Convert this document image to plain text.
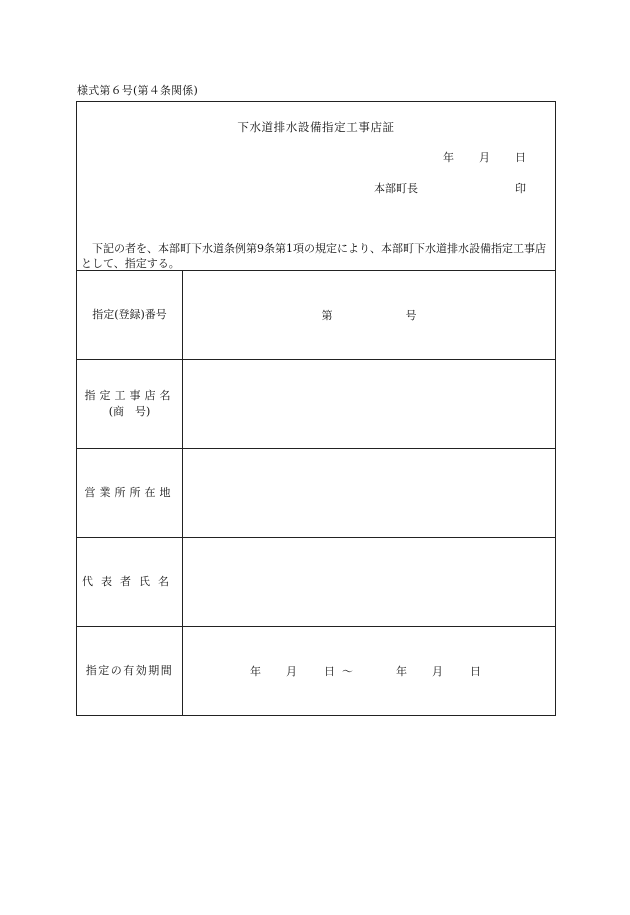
様式第６号(第４条関係)
下水道排水設備指定工事店証
年	月	日
本部町長	印
下記の者を、本部町下水道条例第9条第1項の規定により、本部町下水道排水設備指定工事店として、指定する。
指定(登録)番号	第	号
指定工事店名
(商　号)
営業所所在地
代表者氏名
指定の有効期間	年	月	日 ～	年	月	日
